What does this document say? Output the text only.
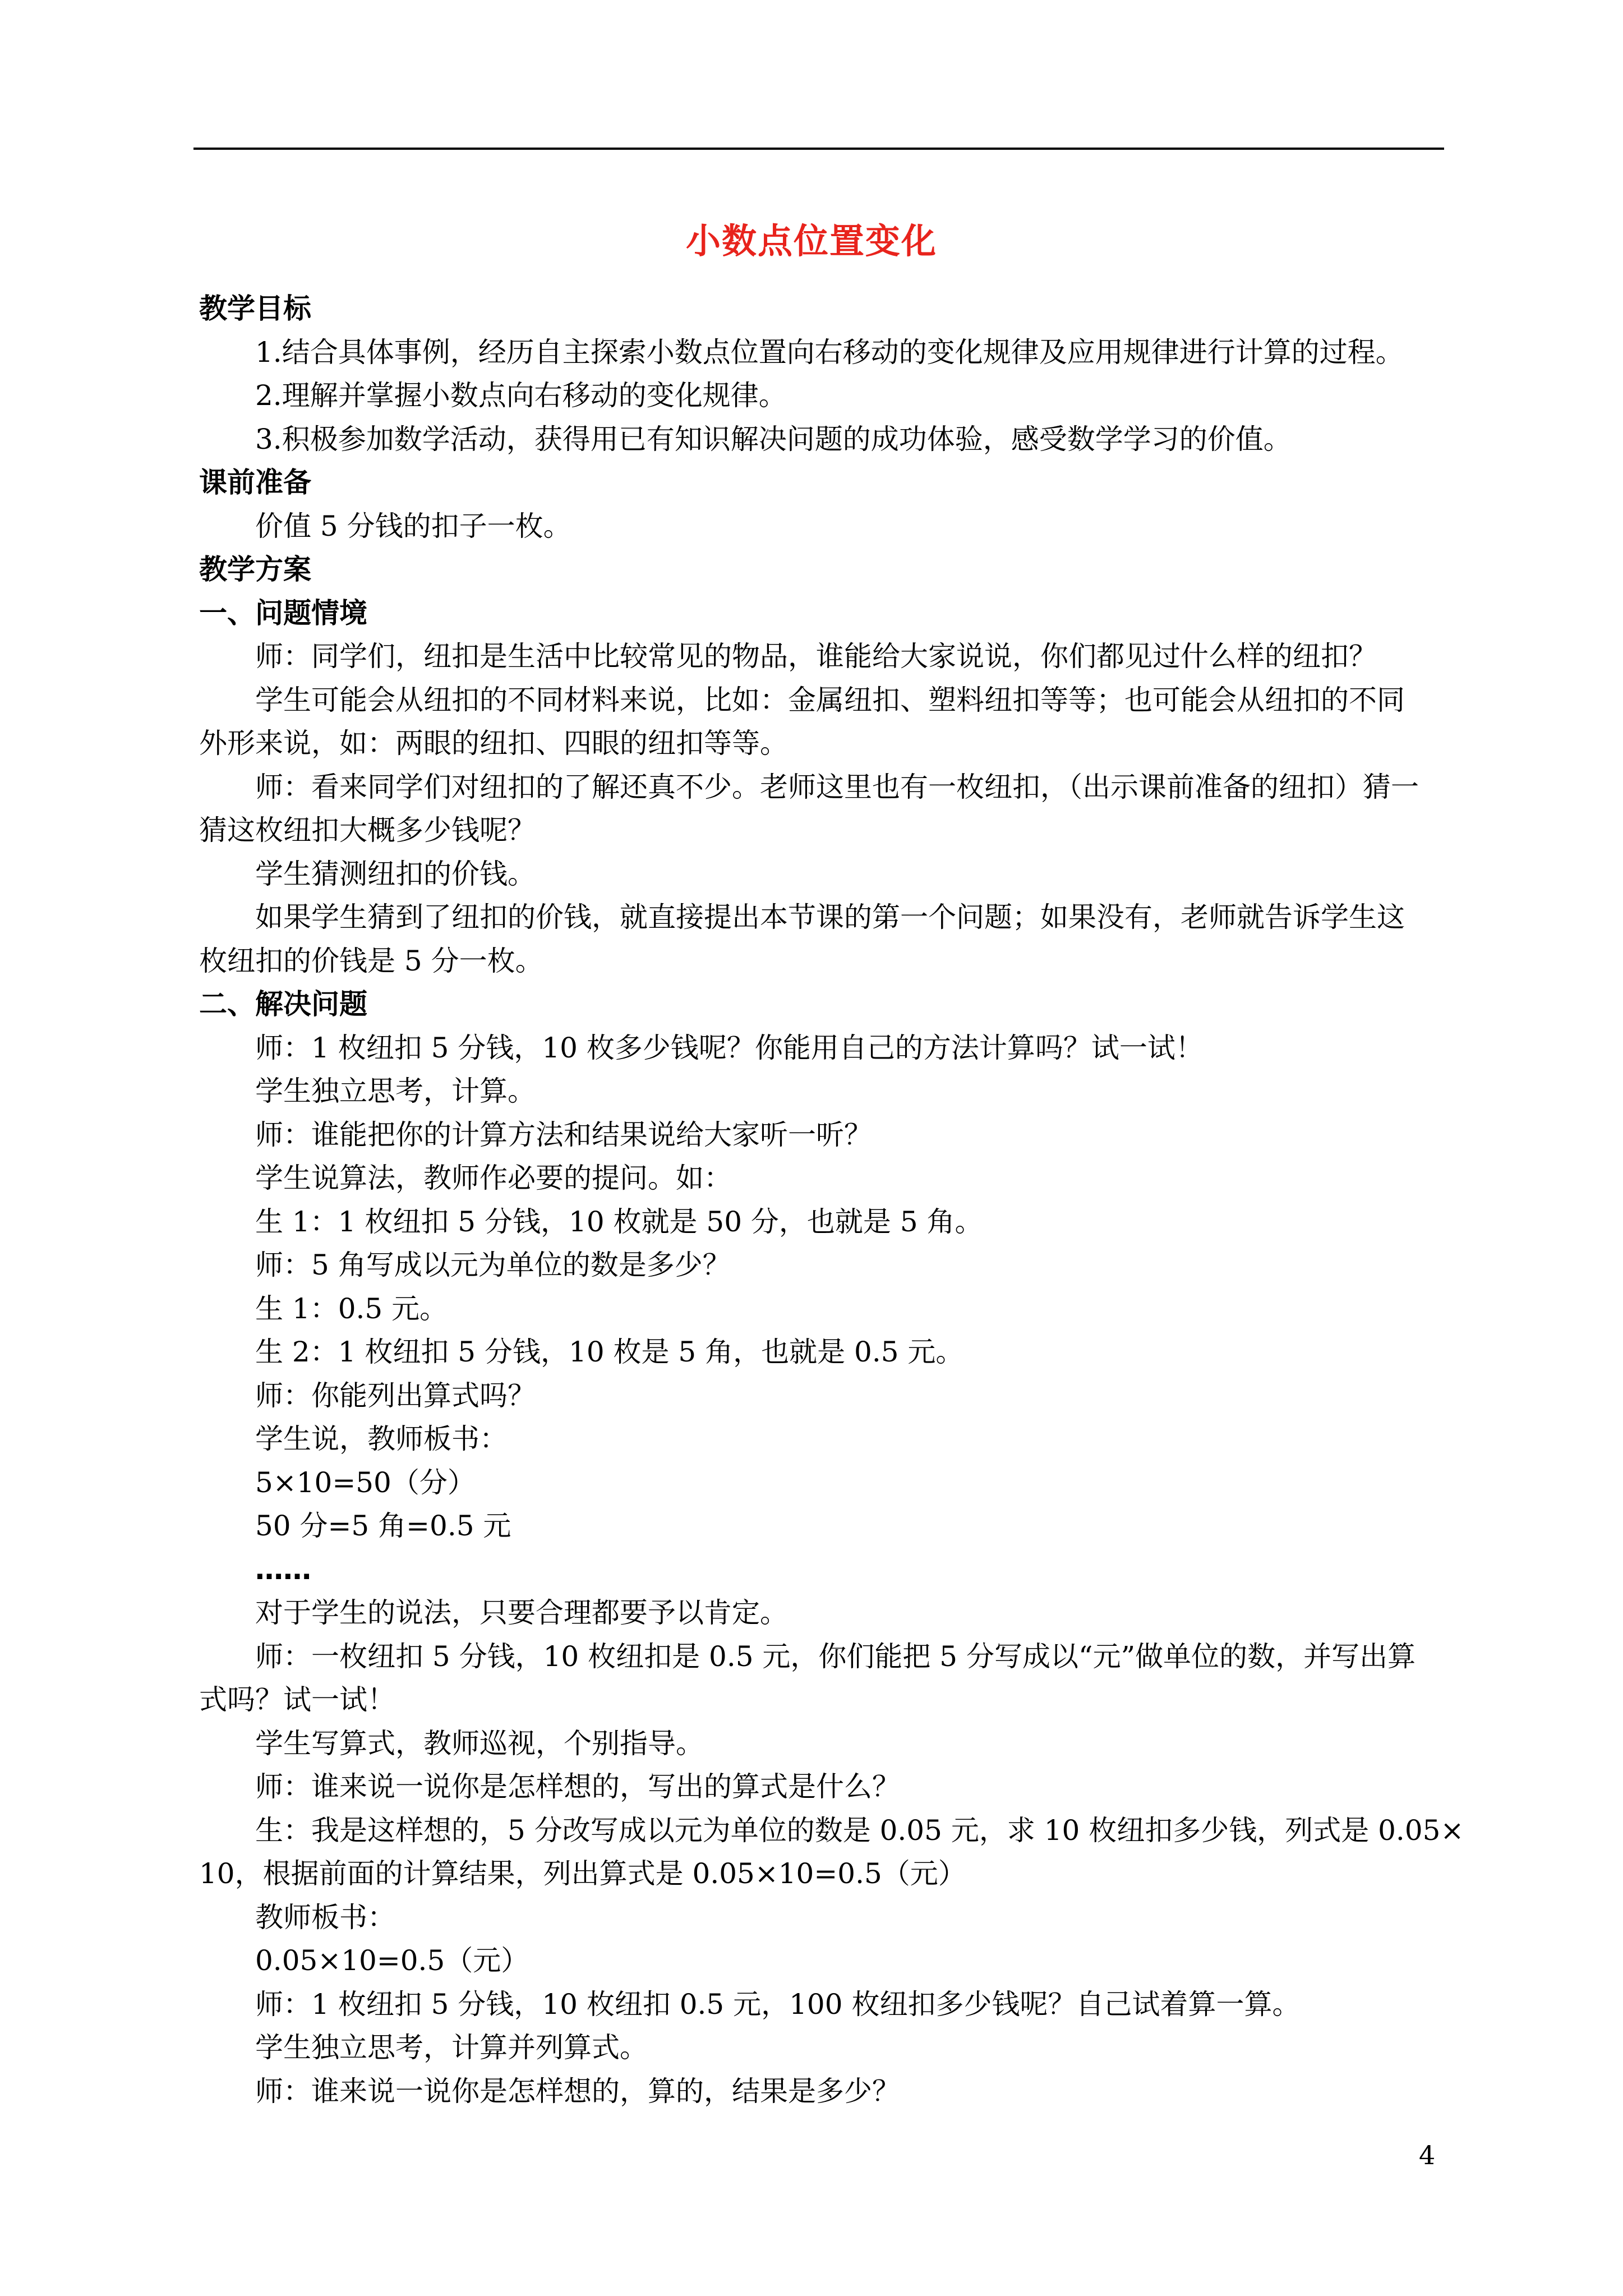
小数点位置变化
教学目标
1.结合具体事例，经历自主探索小数点位置向右移动的变化规律及应用规律进行计算的过程。
2.理解并掌握小数点向右移动的变化规律。
3.积极参加数学活动，获得用已有知识解决问题的成功体验，感受数学学习的价值。
课前准备
价值 5 分钱的扣子一枚。
教学方案
一、问题情境
师：同学们，纽扣是生活中比较常见的物品，谁能给大家说说，你们都见过什么样的纽扣？
学生可能会从纽扣的不同材料来说，比如：金属纽扣、塑料纽扣等等；也可能会从纽扣的不同
外形来说，如：两眼的纽扣、四眼的纽扣等等。
师：看来同学们对纽扣的了解还真不少。老师这里也有一枚纽扣，（出示课前准备的纽扣）猜一
猜这枚纽扣大概多少钱呢？
学生猜测纽扣的价钱。
如果学生猜到了纽扣的价钱，就直接提出本节课的第一个问题；如果没有，老师就告诉学生这
枚纽扣的价钱是 5 分一枚。
二、解决问题
师：1 枚纽扣 5 分钱，10 枚多少钱呢？你能用自己的方法计算吗？试一试！
学生独立思考，计算。
师：谁能把你的计算方法和结果说给大家听一听？
学生说算法，教师作必要的提问。如：
生 1：1 枚纽扣 5 分钱，10 枚就是 50 分，也就是 5 角。
师：5 角写成以元为单位的数是多少？
生 1：0.5 元。
生 2：1 枚纽扣 5 分钱，10 枚是 5 角，也就是 0.5 元。
师：你能列出算式吗？
学生说，教师板书：
5×10=50（分）
50 分=5 角=0.5 元
……
对于学生的说法，只要合理都要予以肯定。
师：一枚纽扣 5 分钱，10 枚纽扣是 0.5 元，你们能把 5 分写成以“元”做单位的数，并写出算
式吗？试一试！
学生写算式，教师巡视，个别指导。
师：谁来说一说你是怎样想的，写出的算式是什么？
生：我是这样想的，5 分改写成以元为单位的数是 0.05 元，求 10 枚纽扣多少钱，列式是 0.05×
10，根据前面的计算结果，列出算式是 0.05×10=0.5（元）
教师板书：
0.05×10=0.5（元）
师：1 枚纽扣 5 分钱，10 枚纽扣 0.5 元，100 枚纽扣多少钱呢？自己试着算一算。
学生独立思考，计算并列算式。
师：谁来说一说你是怎样想的，算的，结果是多少？
4
